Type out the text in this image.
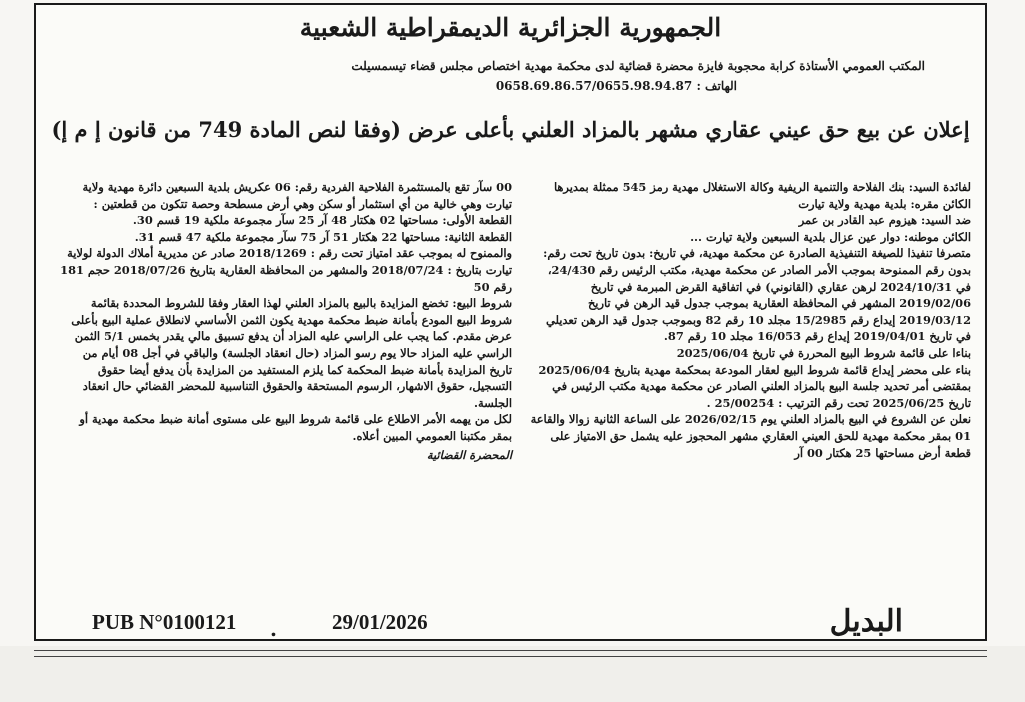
الجمهورية الجزائرية الديمقراطية الشعبية
المكتب العمومي الأستاذة كرابة محجوبة فايزة محضرة قضائية لدى محكمة مهدية اختصاص مجلس قضاء تيسمسيلت
الهاتف : 0658.69.86.57/0655.98.94.87
إعلان عن بيع حق عيني عقاري مشهر بالمزاد العلني بأعلى عرض (وفقا لنص المادة 749 من قانون إ م إ)

لفائدة السيد: بنك الفلاحة والتنمية الريفية وكالة الاستغلال مهدية رمز 545 ممثلة بمديرها

الكائن مقره: بلدية مهدية ولاية تيارت

ضد السيد: هيزوم عبد القادر بن عمر

الكائن موطنه: دوار عين عزال بلدية السبعين ولاية تيارت ...

متصرفا تنفيذا للصيغة التنفيذية الصادرة عن محكمة مهدية، في تاريخ: بدون تاريخ تحت رقم: بدون رقم الممنوحة بموجب الأمر الصادر عن محكمة مهدية، مكتب الرئيس رقم 24/430، في 2024/10/31 لرهن عقاري (القانوني) في اتفاقية القرض المبرمة في تاريخ 2019/02/06 المشهر في المحافظة العقارية بموجب جدول قيد الرهن في تاريخ 2019/03/12 إيداع رقم 15/2985 مجلد 10 رقم 82 وبموجب جدول قيد الرهن تعديلي في تاريخ 2019/04/01 إيداع رقم 16/053 مجلد 10 رقم 87.

بناءا على قائمة شروط البيع المحررة في تاريخ 2025/06/04

بناء على محضر إيداع قائمة شروط البيع لعقار المودعة بمحكمة مهدية بتاريخ 2025/06/04

بمقتضى أمر تحديد جلسة البيع بالمزاد العلني الصادر عن محكمة مهدية مكتب الرئيس في تاريخ 2025/06/25 تحت رقم الترتيب : 25/00254 .

نعلن عن الشروع في البيع بالمزاد العلني يوم 2026/02/15 على الساعة الثانية زوالا والقاعة 01 بمقر محكمة مهدية للحق العيني العقاري مشهر المحجوز عليه يشمل حق الامتياز على قطعة أرض مساحتها 25 هكتار 00 آر

00 سآر تقع بالمستثمرة الفلاحية الفردية رقم: 06 عكريش بلدية السبعين دائرة مهدية ولاية تيارت وهي خالية من أي استثمار أو سكن وهي أرض مسطحة وحصة تتكون من قطعتين :

القطعة الأولى: مساحتها 02 هكتار 48 آر 25 سآر مجموعة ملكية 19 قسم 30.

القطعة الثانية: مساحتها 22 هكتار 51 آر 75 سآر مجموعة ملكية 47 قسم 31.

والممنوح له بموجب عقد امتياز تحت رقم : 2018/1269 صادر عن مديرية أملاك الدولة لولاية تيارت بتاريخ : 2018/07/24 والمشهر من المحافظة العقارية بتاريخ 2018/07/26 حجم 181 رقم 50

شروط البيع: تخضع المزايدة بالبيع بالمزاد العلني لهذا العقار وفقا للشروط المحددة بقائمة شروط البيع المودع بأمانة ضبط محكمة مهدية يكون الثمن الأساسي لانطلاق عملية البيع بأعلى عرض مقدم. كما يجب على الراسي عليه المزاد أن يدفع تسبيق مالي يقدر بخمس 5/1 الثمن الراسي عليه المزاد حالا يوم رسو المزاد (حال انعقاد الجلسة) والباقي في أجل 08 أيام من تاريخ المزايدة بأمانة ضبط المحكمة كما يلزم المستفيد من المزايدة بأن يدفع أيضا حقوق التسجيل، حقوق الاشهار، الرسوم المستحقة والحقوق التناسبية للمحضر القضائي حال انعقاد الجلسة.

لكل من يهمه الأمر الاطلاع على قائمة شروط البيع على مستوى أمانة ضبط محكمة مهدية أو بمقر مكتبنا العمومي المبين أعلاه.

المحضرة القضائية

PUB N°0100121	.	29/01/2026	البديل
